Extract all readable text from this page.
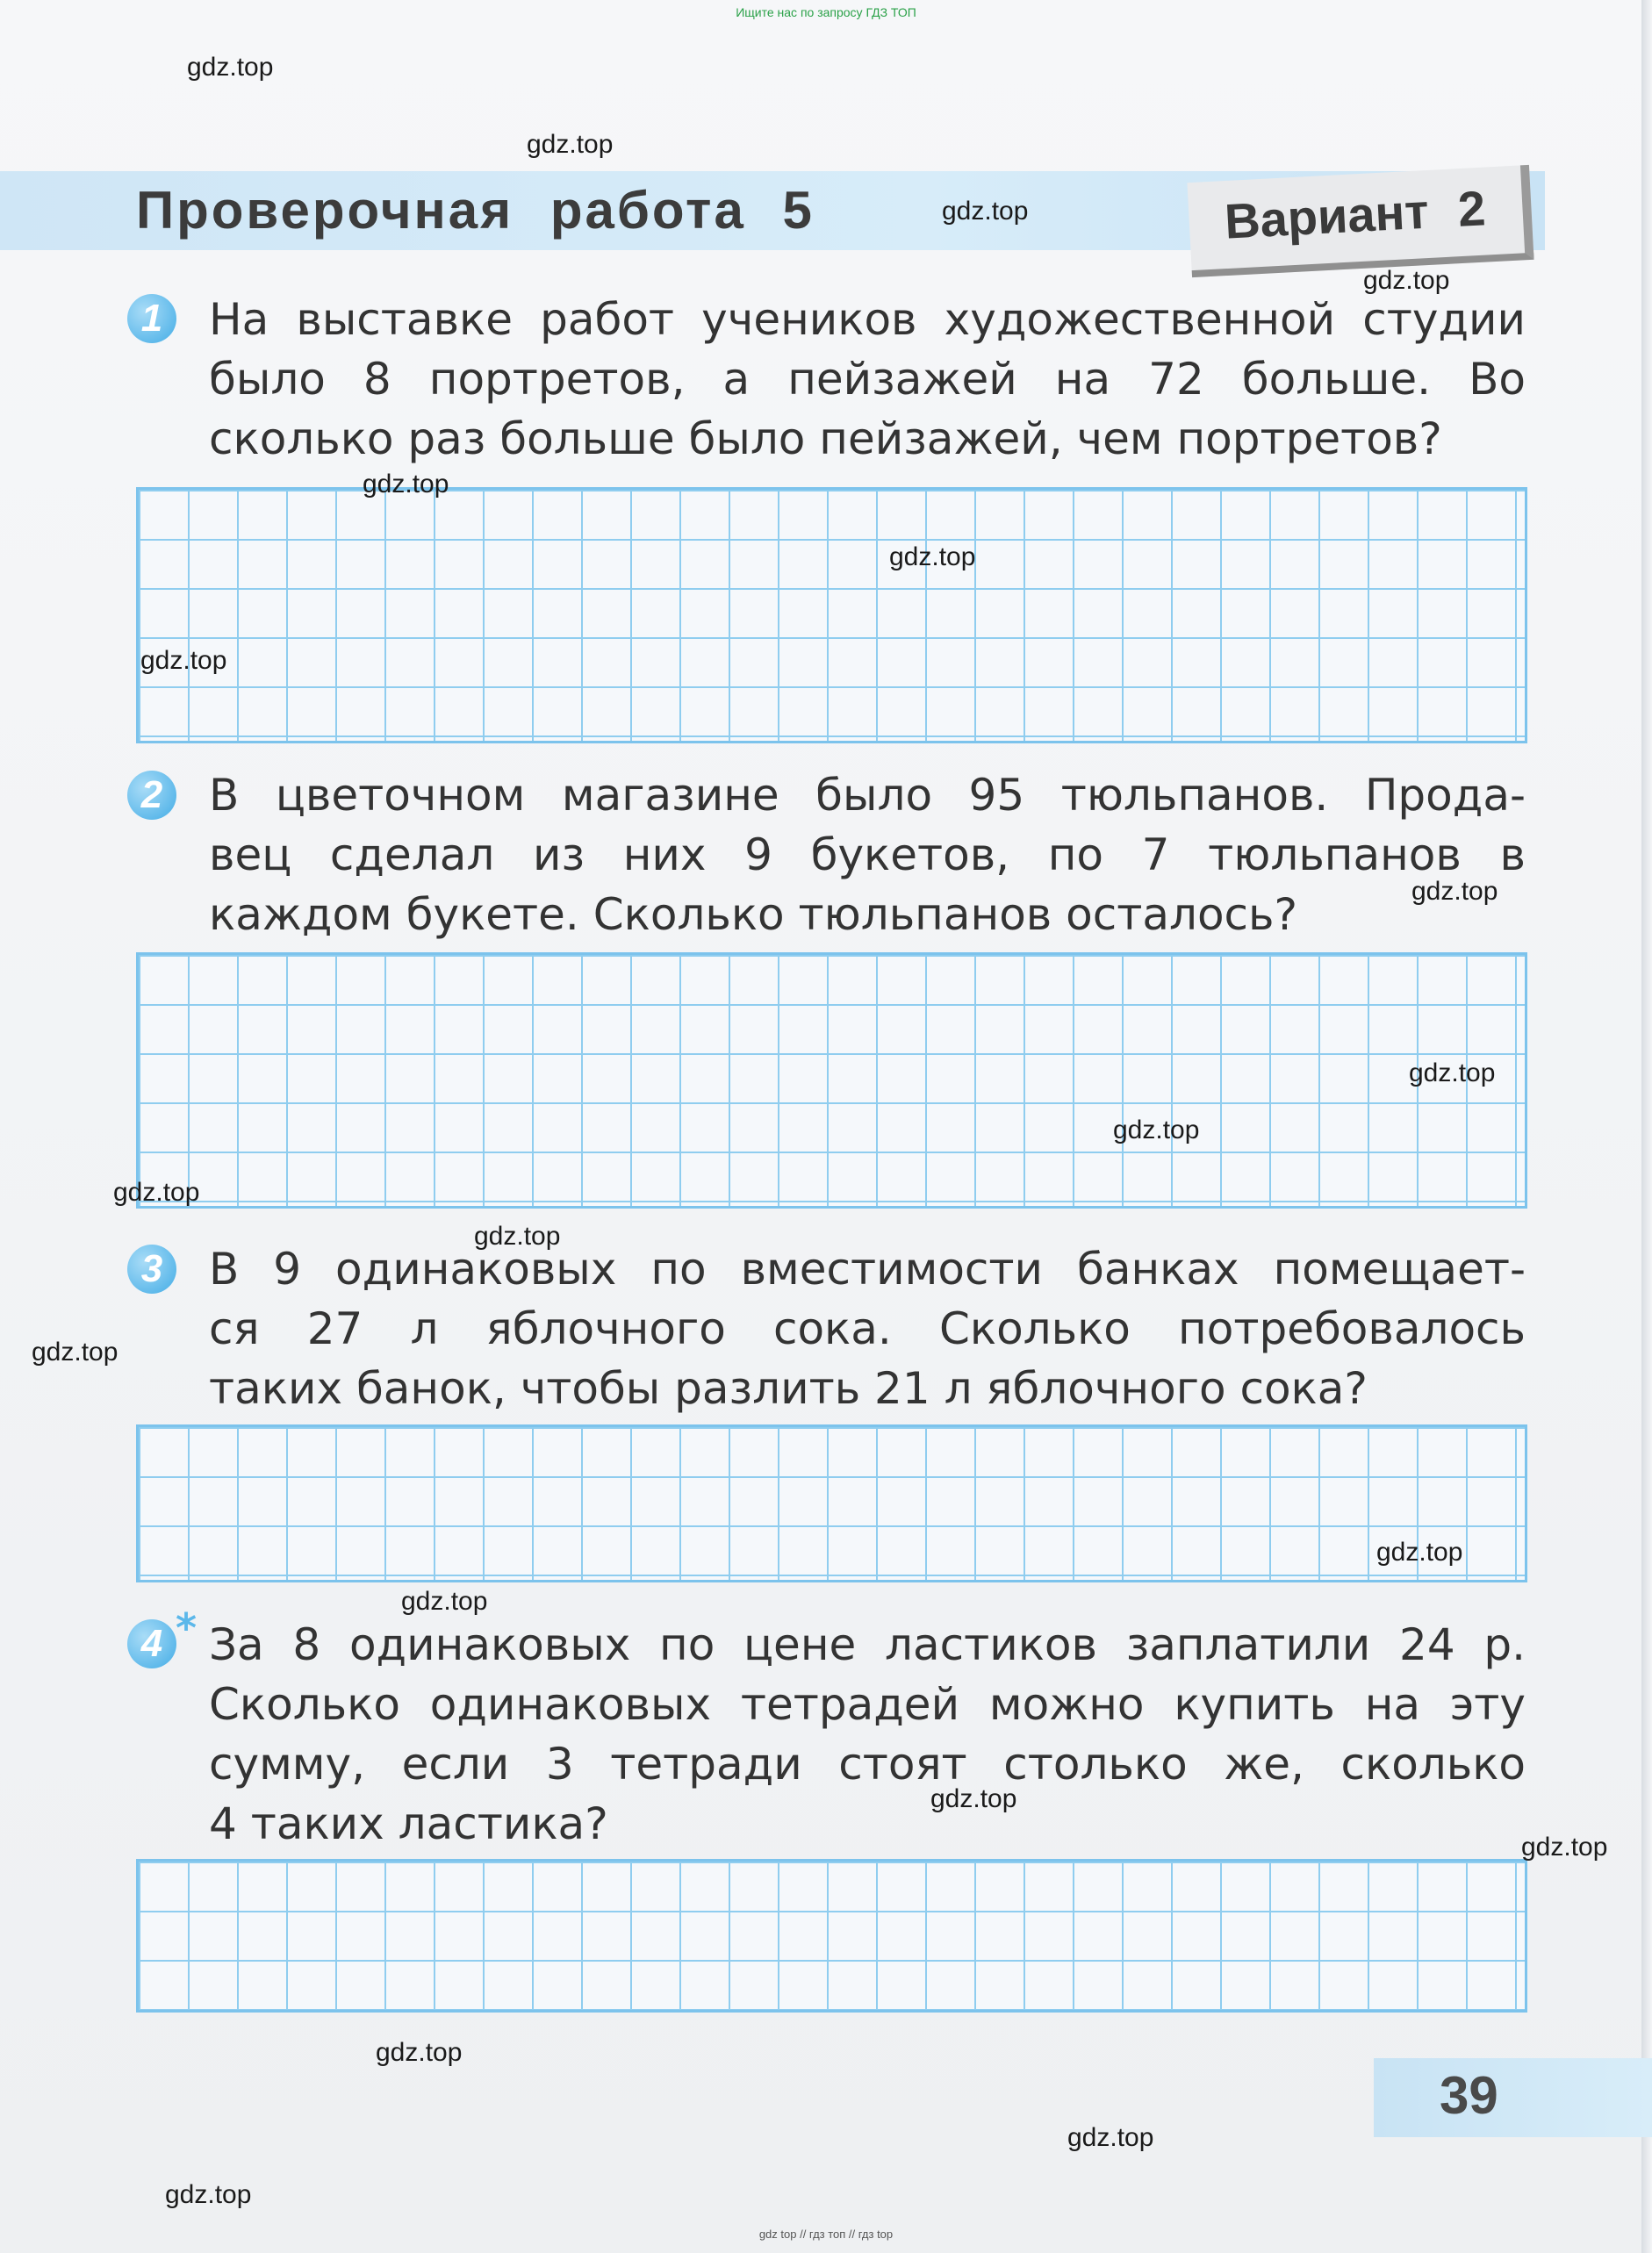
Ищите нас по запросу ГДЗ ТОП
Проверочная работа 5	Вариант 2
1	На выставке работ учеников художественной студии
было 8 портретов, а пейзажей на 72 больше. Во
сколько раз больше было пейзажей, чем портретов?
2	В цветочном магазине было 95 тюльпанов. Прода-
вец сделал из них 9 букетов, по 7 тюльпанов в
каждом букете. Сколько тюльпанов осталось?
3	В 9 одинаковых по вместимости банках помещает-
ся 27 л яблочного сока. Сколько потребовалось
таких банок, чтобы разлить 21 л яблочного сока?
4 * За 8 одинаковых по цене ластиков заплатили 24 р.
Сколько одинаковых тетрадей можно купить на эту
сумму, если 3 тетради стоят столько же, сколько
4 таких ластика?
39
gdz.top
gdz.top
gdz.top
gdz.top
gdz.top
gdz.top
gdz.top
gdz.top
gdz.top
gdz.top
gdz.top
gdz.top
gdz.top
gdz.top
gdz.top
gdz.top
gdz.top
gdz.top
gdz.top
gdz.top
gdz top // гдз топ // гдз top
